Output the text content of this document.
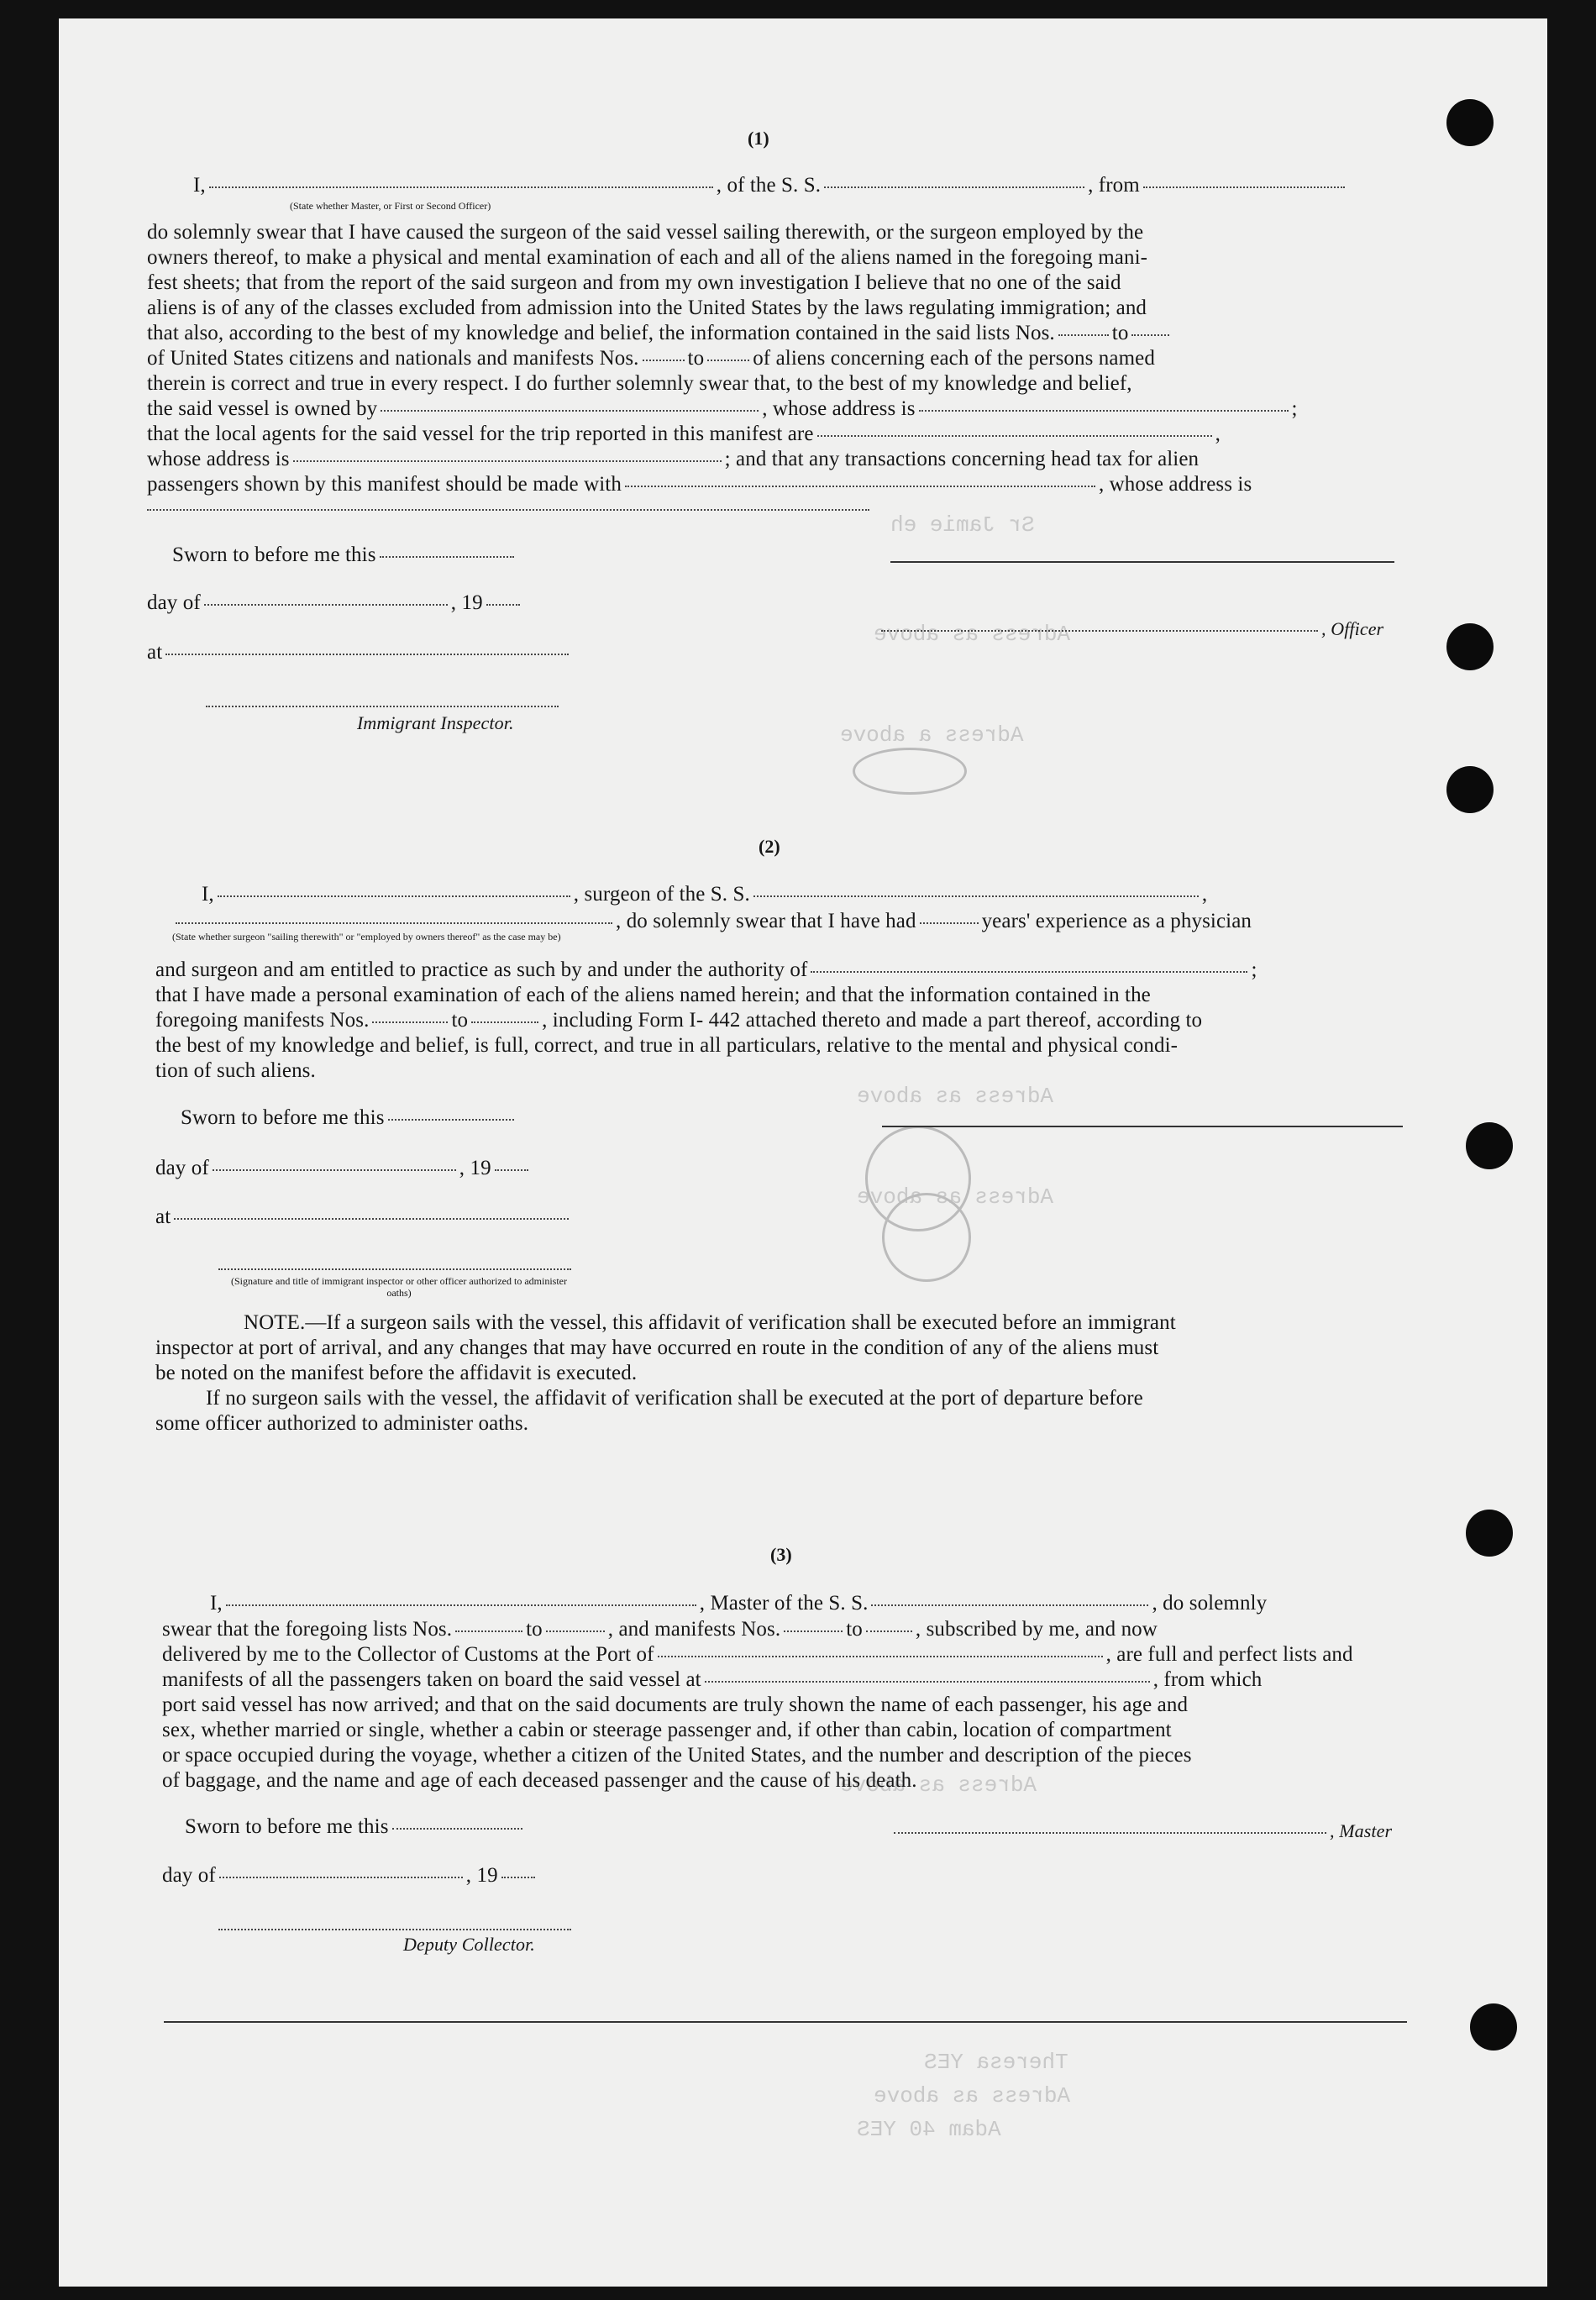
Sr Jamie eh
Adress as above
Adress a above
Adress as above
Adress as above
Adress as above
Theresa YES
Adress as above
Adam 40 YES
(1)
I,	, of the S. S.	, from
(State whether Master, or First or Second Officer)
do solemnly swear that I have caused the surgeon of the said vessel sailing therewith, or the surgeon employed by the
owners thereof, to make a physical and mental examination of each and all of the aliens named in the foregoing mani-
fest sheets; that from the report of the said surgeon and from my own investigation I believe that no one of the said
aliens is of any of the classes excluded from admission into the United States by the laws regulating immigration; and
that also, according to the best of my knowledge and belief, the information contained in the said lists Nos.	to
of United States citizens and nationals and manifests Nos. to of aliens concerning each of the persons named
therein is correct and true in every respect. I do further solemnly swear that, to the best of my knowledge and belief,
the said vessel is owned by	, whose address is	;
that the local agents for the said vessel for the trip reported in this manifest are	,
whose address is	; and that any transactions concerning head tax for alien
passengers shown by this manifest should be made with	, whose address is
Sworn to before me this
day of	, 19
at
Immigrant Inspector.
, Officer
(2)
I,	, surgeon of the S. S.	,
, do solemnly swear that I have had	years' experience as a physician
(State whether surgeon "sailing therewith" or "employed by owners thereof" as the case may be)
and surgeon and am entitled to practice as such by and under the authority of	;
that I have made a personal examination of each of the aliens named herein; and that the information contained in the
foregoing manifests Nos.	to	, including Form I- 442 attached thereto and made a part thereof, according to
the best of my knowledge and belief, is full, correct, and true in all particulars, relative to the mental and physical condi-
tion of such aliens.
Sworn to before me this
day of	, 19
at
(Signature and title of immigrant inspector or other officer authorized to administer oaths)
NOTE.—If a surgeon sails with the vessel, this affidavit of verification shall be executed before an immigrant
inspector at port of arrival, and any changes that may have occurred en route in the condition of any of the aliens must
be noted on the manifest before the affidavit is executed.
If no surgeon sails with the vessel, the affidavit of verification shall be executed at the port of departure before
some officer authorized to administer oaths.
(3)
I,	, Master of the S. S.	, do solemnly
swear that the foregoing lists Nos.	to	, and manifests Nos.	to	, subscribed by me, and now
delivered by me to the Collector of Customs at the Port of	, are full and perfect lists and
manifests of all the passengers taken on board the said vessel at	, from which
port said vessel has now arrived; and that on the said documents are truly shown the name of each passenger, his age and
sex, whether married or single, whether a cabin or steerage passenger and, if other than cabin, location of compartment
or space occupied during the voyage, whether a citizen of the United States, and the number and description of the pieces
of baggage, and the name and age of each deceased passenger and the cause of his death.
Sworn to before me this	, Master
day of	, 19
Deputy Collector.
